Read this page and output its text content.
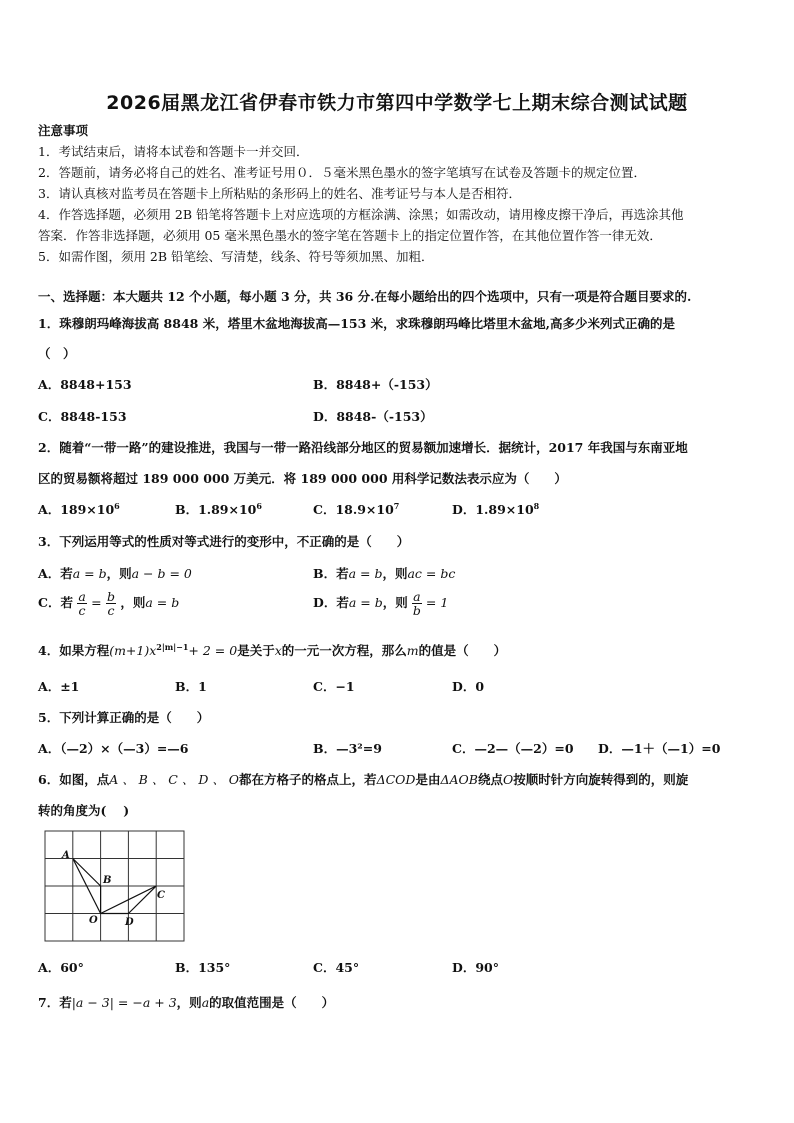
2026届黑龙江省伊春市铁力市第四中学数学七上期末综合测试试题
注意事项
1．考试结束后，请将本试卷和答题卡一并交回．
2．答题前，请务必将自己的姓名、准考证号用０．５毫米黑色墨水的签字笔填写在试卷及答题卡的规定位置．
3．请认真核对监考员在答题卡上所粘贴的条形码上的姓名、准考证号与本人是否相符．
4．作答选择题，必须用 2B 铅笔将答题卡上对应选项的方框涂满、涂黑；如需改动，请用橡皮擦干净后，再选涂其他
答案．作答非选择题，必须用 05 毫米黑色墨水的签字笔在答题卡上的指定位置作答，在其他位置作答一律无效．
5．如需作图，须用 2B 铅笔绘、写清楚，线条、符号等须加黑、加粗．
一、选择题：本大题共 12 个小题，每小题 3 分，共 36 分.在每小题给出的四个选项中，只有一项是符合题目要求的.
1．珠穆朗玛峰海拔高 8848 米，塔里木盆地海拔高—153 米，求珠穆朗玛峰比塔里木盆地,高多少米列式正确的是
（　）
A．8848+153	B．8848+（-153）
C．8848-153	D．8848-（-153）
2．随着“一带一路”的建设推进，我国与一带一路沿线部分地区的贸易额加速增长．据统计，2017 年我国与东南亚地
区的贸易额将超过 189 000 000 万美元．将 189 000 000 用科学记数法表示应为（　　）
A．$189\times 10^6$	B．$1.89\times 10^6$	C．$18.9\times 10^7$	D．$1.89\times 10^8$
3．下列运用等式的性质对等式进行的变形中，不正确的是（　　）
A．若a = b，则a − b = 0	B．若a = b，则ac = bc
C．若 $\frac{a}{c} = \frac{b}{c}$ ，则a = b	D．若a = b，则 $\frac{a}{b} = 1$
4．如果方程$(m+1)x^{2|m|-1}+ 2 = 0$是关于x的一元一次方程，那么m的值是（　　）
A．±1	B．1	C．−1	D．0
5．下列计算正确的是（　　）
A．（—2）×（—3）=—6	B．—3²=9	C．—2—（—2）=0 D．—1＋（—1）=0
6．如图，点A 、 B 、 C 、 D 、 O都在方格子的格点上，若ΔCOD是由ΔAOB绕点O按顺时针方向旋转得到的，则旋
转的角度为(　 )
A
B
C
D
O
A．60°	B．135°	C．45°	D．90°
7．若|a − 3| = −a + 3，则a的取值范围是（　　）
